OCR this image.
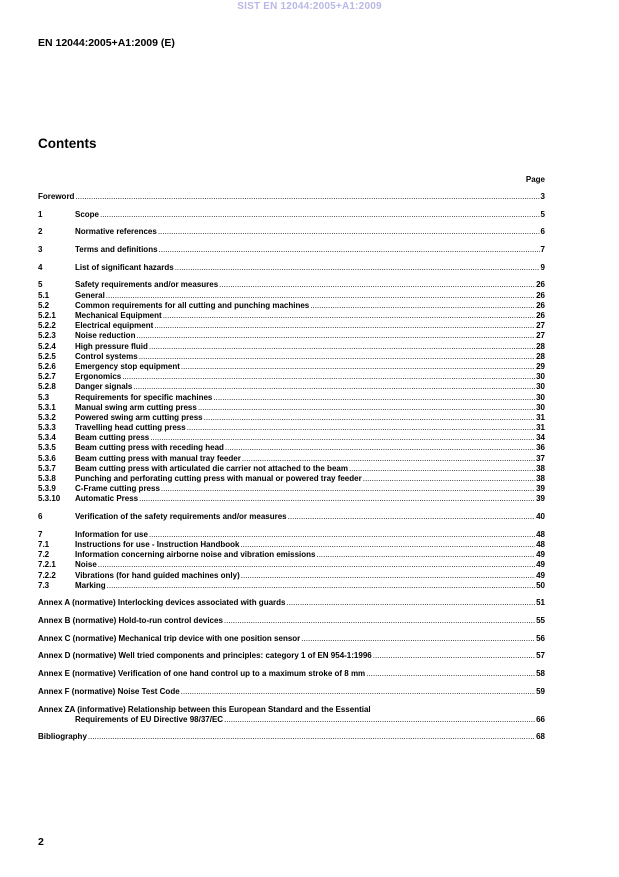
SIST EN 12044:2005+A1:2009
EN 12044:2005+A1:2009 (E)
Contents
Page
Foreword .....	3
1	Scope .....	5
2	Normative references .....	6
3	Terms and definitions .....	7
4	List of significant hazards .....	9
5	Safety requirements and/or measures .....	26
5.1	General .....	26
5.2	Common requirements for all cutting and punching machines .....	26
5.2.1 Mechanical Equipment .....	26
5.2.2 Electrical equipment .....	27
5.2.3 Noise reduction .....	27
5.2.4 High pressure fluid .....	28
5.2.5 Control systems .....	28
5.2.6 Emergency stop equipment .....	29
5.2.7 Ergonomics .....	30
5.2.8 Danger signals .....	30
5.3	Requirements for specific machines .....	30
5.3.1 Manual swing arm cutting press .....	30
5.3.2 Powered swing arm cutting press .....	31
5.3.3 Travelling head cutting press .....	31
5.3.4 Beam cutting press .....	34
5.3.5 Beam cutting press with receding head .....	36
5.3.6 Beam cutting press with manual tray feeder .....	37
5.3.7 Beam cutting press with articulated die carrier not attached to the beam .....	38
5.3.8 Punching and perforating cutting press with manual or powered tray feeder .....	38
5.3.9 C-Frame cutting press .....	39
5.3.10 Automatic Press .....	39
6	Verification of the safety requirements and/or measures .....	40
7	Information for use .....	48
7.1	Instructions for use - Instruction Handbook .....	48
7.2	Information concerning airborne noise and vibration emissions .....	49
7.2.1 Noise .....	49
7.2.2 Vibrations (for hand guided machines only) .....	49
7.3	Marking .....	50
Annex A (normative) Interlocking devices associated with guards .....	51
Annex B (normative) Hold-to-run control devices .....	55
Annex C (normative) Mechanical trip device with one position sensor .....	56
Annex D (normative) Well tried components and principles: category 1 of EN 954-1:1996 .....	57
Annex E (normative) Verification of one hand control up to a maximum stroke of 8 mm .....	58
Annex F (normative) Noise Test Code .....	59
Annex ZA (informative) Relationship between this European Standard and the Essential
Requirements of EU Directive 98/37/EC .....	66
Bibliography .....	68
2
